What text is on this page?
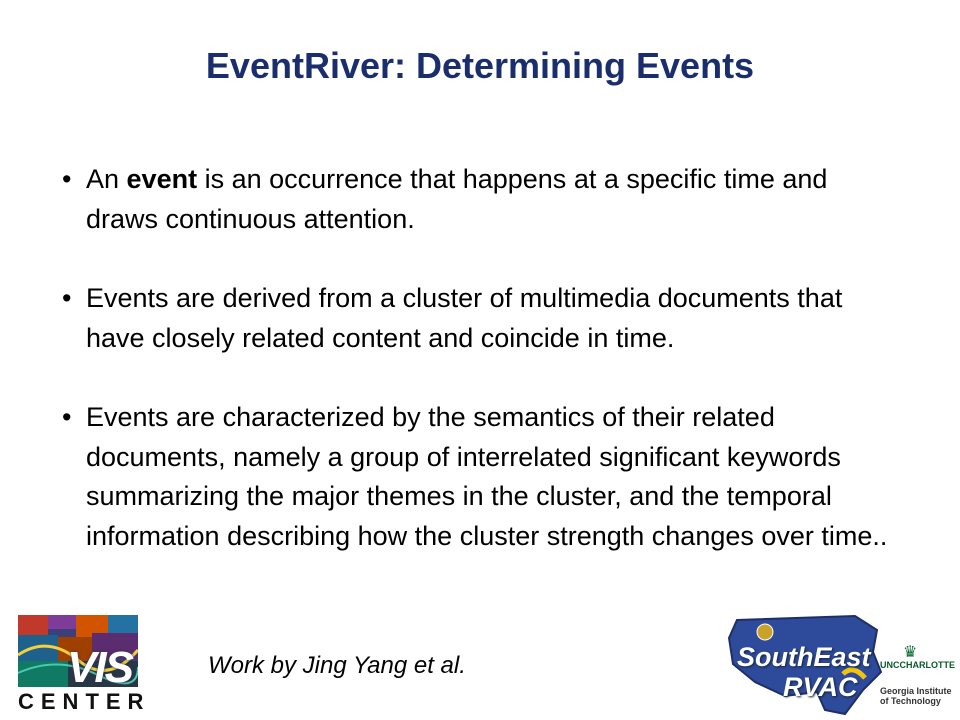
EventRiver: Determining Events
• An event is an occurrence that happens at a specific time and draws continuous attention.
• Events are derived from a cluster of multimedia documents that have closely related content and coincide in time.
• Events are characterized by the semantics of their related documents, namely a group of interrelated significant keywords summarizing the major themes in the cluster, and the temporal information describing how the cluster strength changes over time..
Work by Jing Yang et al.
VIS
CENTER
SouthEast
RVAC
♛
UNCCHARLOTTE
Georgia Institute
of Technology
